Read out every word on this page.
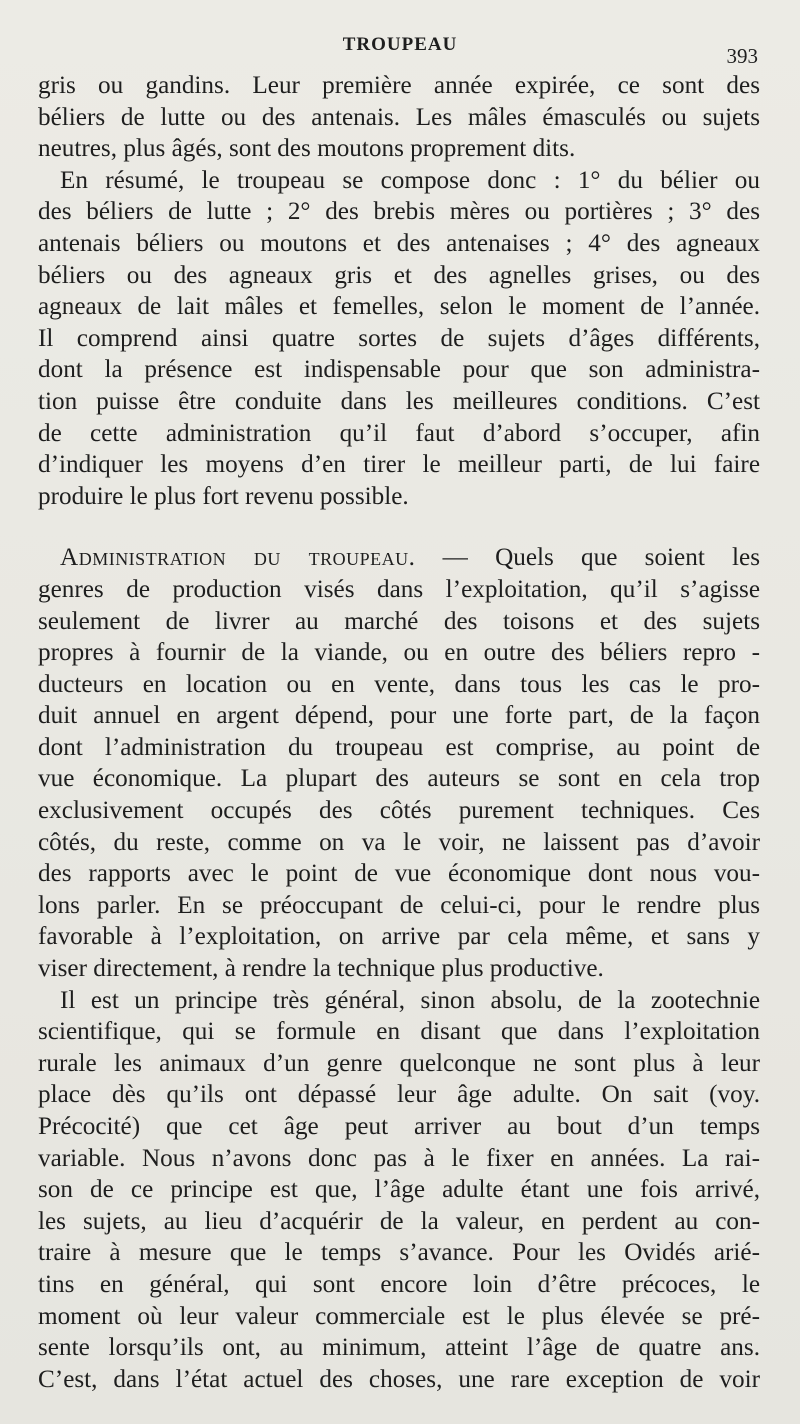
TROUPEAU	393
gris ou gandins. Leur première année expirée, ce sont des
béliers de lutte ou des antenais. Les mâles émasculés ou sujets
neutres, plus âgés, sont des moutons proprement dits.
En résumé, le troupeau se compose donc : 1° du bélier ou
des béliers de lutte ; 2° des brebis mères ou portières ; 3° des
antenais béliers ou moutons et des antenaises ; 4° des agneaux
béliers ou des agneaux gris et des agnelles grises, ou des
agneaux de lait mâles et femelles, selon le moment de l’année.
Il comprend ainsi quatre sortes de sujets d’âges différents,
dont la présence est indispensable pour que son administra-
tion puisse être conduite dans les meilleures conditions. C’est
de cette administration qu’il faut d’abord s’occuper, afin
d’indiquer les moyens d’en tirer le meilleur parti, de lui faire
produire le plus fort revenu possible.
Administration du troupeau. — Quels que soient les
genres de production visés dans l’exploitation, qu’il s’agisse
seulement de livrer au marché des toisons et des sujets
propres à fournir de la viande, ou en outre des béliers repro -
ducteurs en location ou en vente, dans tous les cas le pro-
duit annuel en argent dépend, pour une forte part, de la façon
dont l’administration du troupeau est comprise, au point de
vue économique. La plupart des auteurs se sont en cela trop
exclusivement occupés des côtés purement techniques. Ces
côtés, du reste, comme on va le voir, ne laissent pas d’avoir
des rapports avec le point de vue économique dont nous vou-
lons parler. En se préoccupant de celui-ci, pour le rendre plus
favorable à l’exploitation, on arrive par cela même, et sans y
viser directement, à rendre la technique plus productive.
Il est un principe très général, sinon absolu, de la zootechnie
scientifique, qui se formule en disant que dans l’exploitation
rurale les animaux d’un genre quelconque ne sont plus à leur
place dès qu’ils ont dépassé leur âge adulte. On sait (voy.
Précocité) que cet âge peut arriver au bout d’un temps
variable. Nous n’avons donc pas à le fixer en années. La rai-
son de ce principe est que, l’âge adulte étant une fois arrivé,
les sujets, au lieu d’acquérir de la valeur, en perdent au con-
traire à mesure que le temps s’avance. Pour les Ovidés arié-
tins en général, qui sont encore loin d’être précoces, le
moment où leur valeur commerciale est le plus élevée se pré-
sente lorsqu’ils ont, au minimum, atteint l’âge de quatre ans.
C’est, dans l’état actuel des choses, une rare exception de voir
